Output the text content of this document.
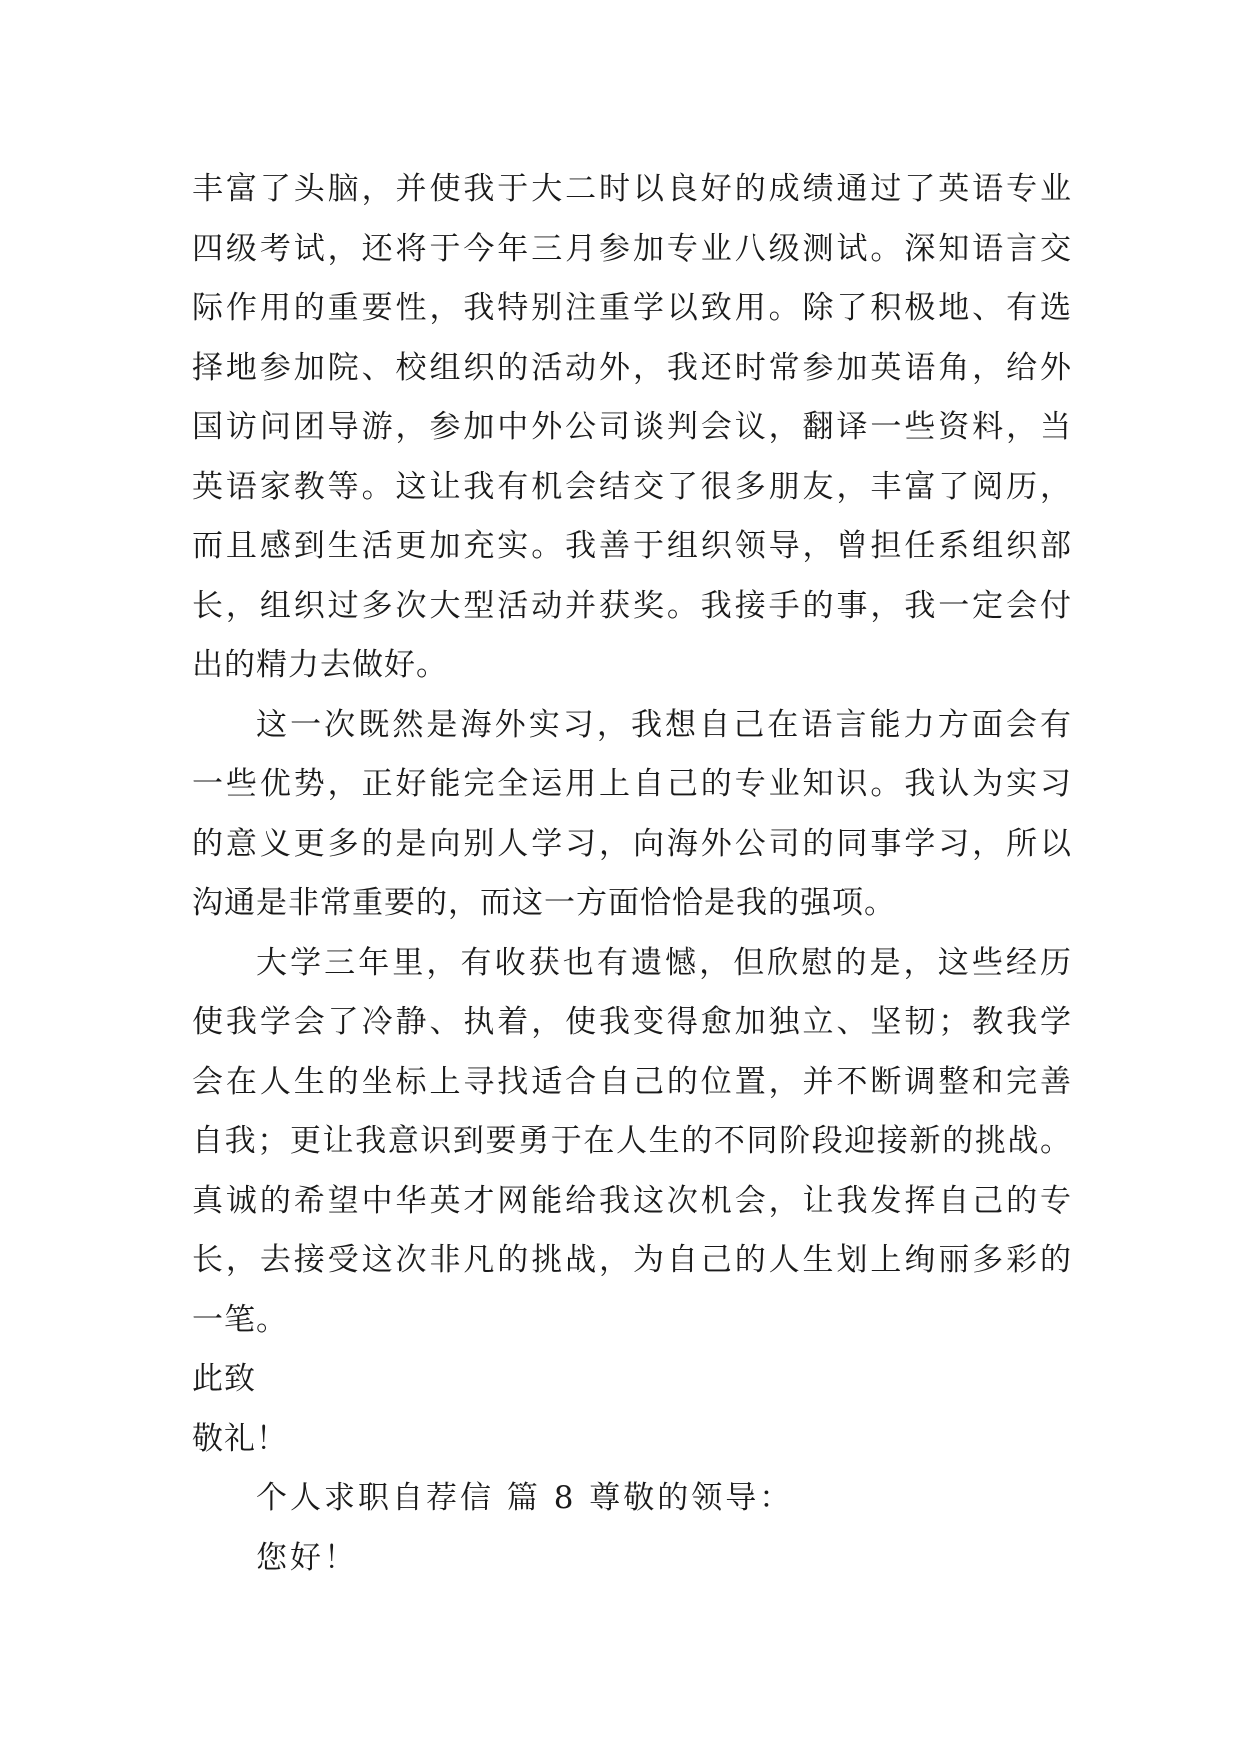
丰富了头脑，并使我于大二时以良好的成绩通过了英语专业
四级考试，还将于今年三月参加专业八级测试。深知语言交
际作用的重要性，我特别注重学以致用。除了积极地、有选
择地参加院、校组织的活动外，我还时常参加英语角，给外
国访问团导游，参加中外公司谈判会议，翻译一些资料，当
英语家教等。这让我有机会结交了很多朋友，丰富了阅历，
而且感到生活更加充实。我善于组织领导，曾担任系组织部
长，组织过多次大型活动并获奖。我接手的事，我一定会付
出的精力去做好。
这一次既然是海外实习，我想自己在语言能力方面会有
一些优势，正好能完全运用上自己的专业知识。我认为实习
的意义更多的是向别人学习，向海外公司的同事学习，所以
沟通是非常重要的，而这一方面恰恰是我的强项。
大学三年里，有收获也有遗憾，但欣慰的是，这些经历
使我学会了冷静、执着，使我变得愈加独立、坚韧；教我学
会在人生的坐标上寻找适合自己的位置，并不断调整和完善
自我；更让我意识到要勇于在人生的不同阶段迎接新的挑战。
真诚的希望中华英才网能给我这次机会，让我发挥自己的专
长，去接受这次非凡的挑战，为自己的人生划上绚丽多彩的
一笔。
此致
敬礼！
个人求职自荐信 篇 8 尊敬的领导：
您好！
